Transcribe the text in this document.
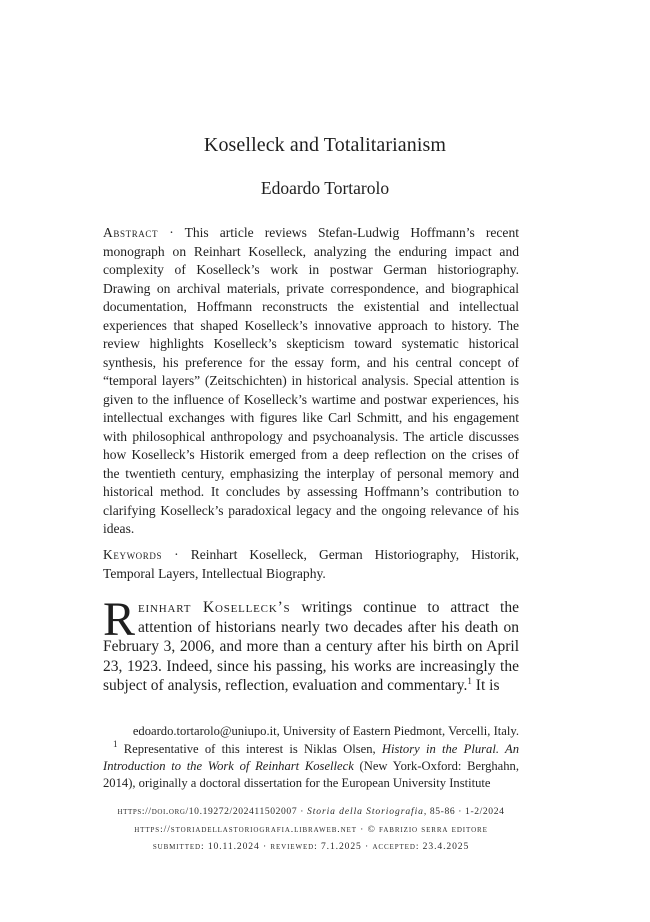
Koselleck and Totalitarianism
Edoardo Tortarolo
Abstract · This article reviews Stefan-Ludwig Hoffmann’s recent monograph on Reinhart Koselleck, analyzing the enduring impact and complexity of Koselleck’s work in postwar German historiography. Drawing on archival materials, private correspondence, and biographical documentation, Hoffmann reconstructs the existential and intellectual experiences that shaped Koselleck’s innovative approach to history. The review highlights Koselleck’s skepticism toward systematic historical synthesis, his preference for the essay form, and his central concept of “temporal layers” (Zeitschichten) in historical analysis. Special attention is given to the influence of Koselleck’s wartime and postwar experiences, his intellectual exchanges with figures like Carl Schmitt, and his engagement with philosophical anthropology and psychoanalysis. The article discusses how Koselleck’s Historik emerged from a deep reflection on the crises of the twentieth century, emphasizing the interplay of personal memory and historical method. It concludes by assessing Hoffmann’s contribution to clarifying Koselleck’s paradoxical legacy and the ongoing relevance of his ideas.
Keywords · Reinhart Koselleck, German Historiography, Historik, Temporal Layers, Intellectual Biography.
Reinhart Koselleck’s writings continue to attract the attention of historians nearly two decades after his death on February 3, 2006, and more than a century after his birth on April 23, 1923. Indeed, since his passing, his works are increasingly the subject of analysis, reflection, evaluation and commentary.$^1$ It is
edoardo.tortarolo@uniupo.it, University of Eastern Piedmont, Vercelli, Italy.
$^1$ Representative of this interest is Niklas Olsen, History in the Plural. An Introduction to the Work of Reinhart Koselleck (New York-Oxford: Berghahn, 2014), originally a doctoral dissertation for the European University Institute
https://doi.org/10.19272/202411502007 · Storia della Storiografia, 85-86 · 1-2/2024
https://storiadellastoriografia.libraweb.net · © fabrizio serra editore
submitted: 10.11.2024 · reviewed: 7.1.2025 · accepted: 23.4.2025
